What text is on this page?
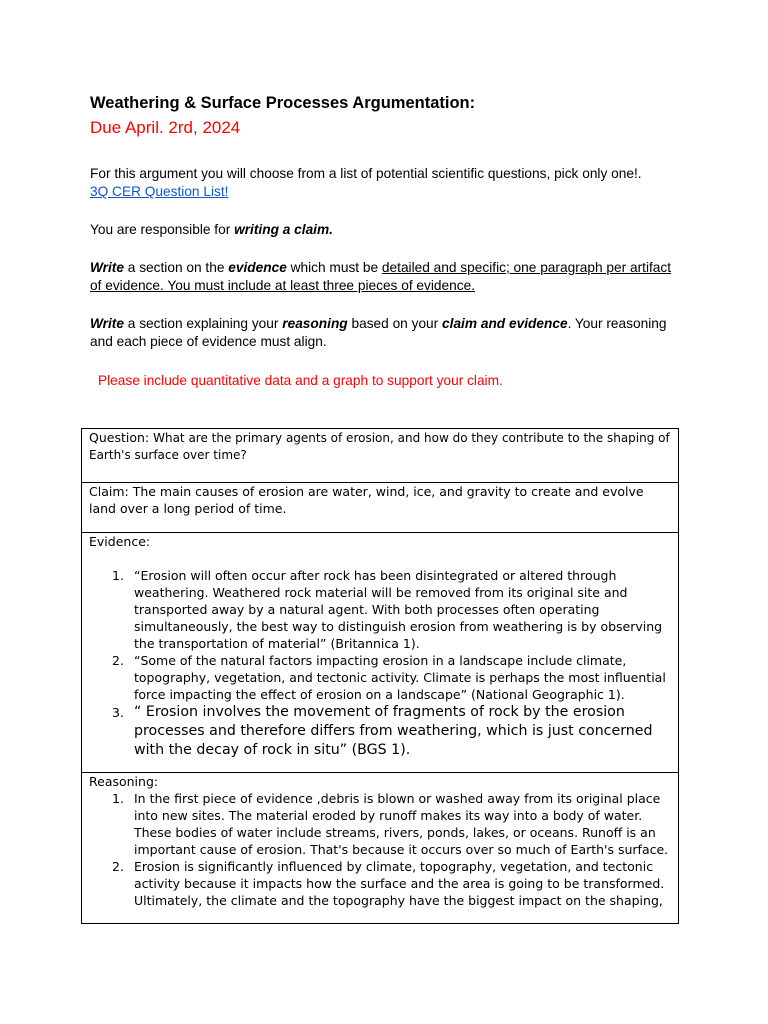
Weathering & Surface Processes Argumentation:
Due April. 2rd, 2024
For this argument you will choose from a list of potential scientific questions, pick only one!.
3Q CER Question List!
You are responsible for writing a claim.
Write a section on the evidence which must be detailed and specific; one paragraph per artifact of evidence. You must include at least three pieces of evidence.
Write a section explaining your reasoning based on your claim and evidence. Your reasoning and each piece of evidence must align.
Please include quantitative data and a graph to support your claim.
Question: What are the primary agents of erosion, and how do they contribute to the shaping of Earth's surface over time?
Claim: The main causes of erosion are water, wind, ice, and gravity to create and evolve land over a long period of time.

Evidence:
1. “Erosion will often occur after rock has been disintegrated or altered through weathering. Weathered rock material will be removed from its original site and transported away by a natural agent. With both processes often operating simultaneously, the best way to distinguish erosion from weathering is by observing the transportation of material” (Britannica 1).
2. “Some of the natural factors impacting erosion in a landscape include climate, topography, vegetation, and tectonic activity. Climate is perhaps the most influential force impacting the effect of erosion on a landscape” (National Geographic 1).
3. “ Erosion involves the movement of fragments of rock by the erosion processes and therefore differs from weathering, which is just concerned with the decay of rock in situ” (BGS 1).

Reasoning:
1. In the first piece of evidence ,debris is blown or washed away from its original place into new sites. The material eroded by runoff makes its way into a body of water. These bodies of water include streams, rivers, ponds, lakes, or oceans. Runoff is an important cause of erosion. That's because it occurs over so much of Earth's surface.
2. Erosion is significantly influenced by climate, topography, vegetation, and tectonic activity because it impacts how the surface and the area is going to be transformed. Ultimately, the climate and the topography have the biggest impact on the shaping,
